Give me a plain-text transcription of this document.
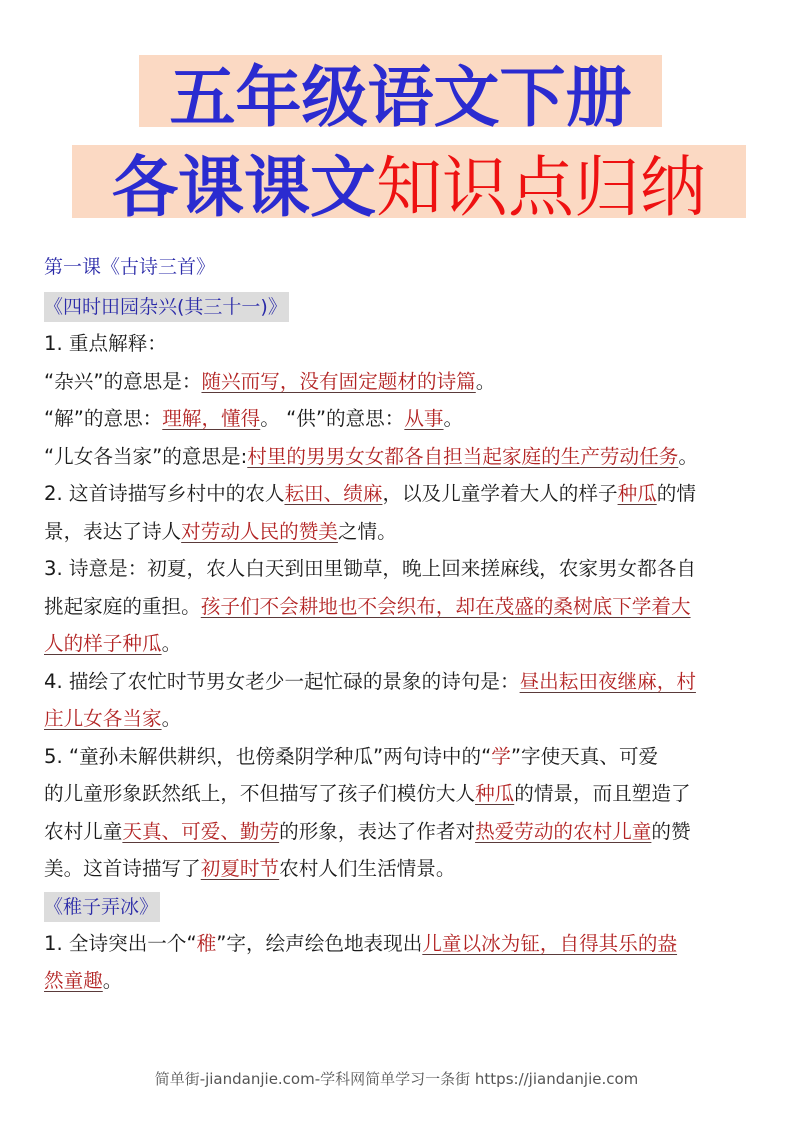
五年级语文下册
各课课文 知识点归纳
第一课《古诗三首》
《四时田园杂兴(其三十一)》
1. 重点解释：
“杂兴”的意思是：随兴而写，没有固定题材的诗篇。
“解”的意思：理解，懂得。 “供”的意思：从事。
“儿女各当家”的意思是:村里的男男女女都各自担当起家庭的生产劳动任务。
2. 这首诗描写乡村中的农人耘田、绩麻，以及儿童学着大人的样子种瓜的情
景，表达了诗人对劳动人民的赞美之情。
3. 诗意是：初夏，农人白天到田里锄草，晚上回来搓麻线，农家男女都各自
挑起家庭的重担。孩子们不会耕地也不会织布，却在茂盛的桑树底下学着大
人的样子种瓜。
4. 描绘了农忙时节男女老少一起忙碌的景象的诗句是：昼出耘田夜继麻，村
庄儿女各当家。
5. “童孙未解供耕织，也傍桑阴学种瓜”两句诗中的“学”字使天真、可爱
的儿童形象跃然纸上，不但描写了孩子们模仿大人种瓜的情景，而且塑造了
农村儿童天真、可爱、勤劳的形象，表达了作者对热爱劳动的农村儿童的赞
美。这首诗描写了初夏时节农村人们生活情景。
《稚子弄冰》
1. 全诗突出一个“稚”字，绘声绘色地表现出儿童以冰为钲，自得其乐的盎
然童趣。
简单街-jiandanjie.com-学科网简单学习一条街 https://jiandanjie.com
